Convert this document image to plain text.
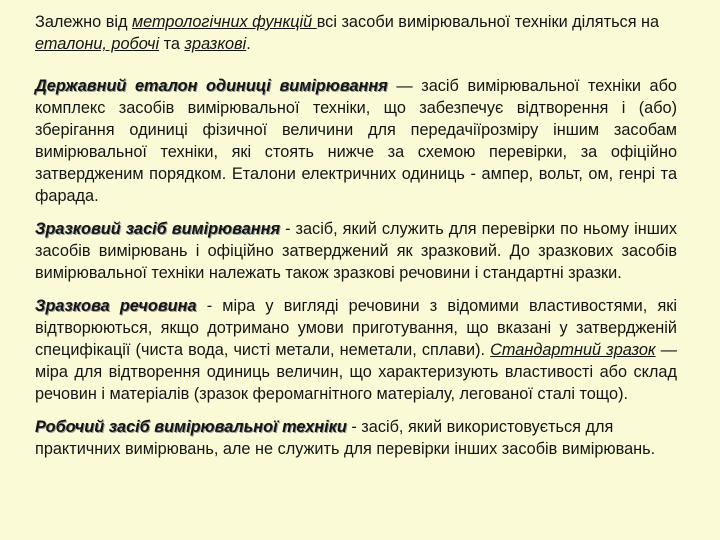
Залежно від метрологічних функцій всі засоби вимірювальної техніки діляться на еталони, робочі та зразкові.

Державний еталон одиниці вимірювання — засіб вимірювальної техніки або комплекс засобів вимірювальної техніки, що забезпечує відтворення і (або) зберігання одиниці фізичної величини для передачіїрозміру іншим засобам вимірювальної техніки, які стоять нижче за схемою перевірки, за офіційно затвердженим порядком. Еталони електричних одиниць - ампер, вольт, ом, генрі та фарада.

Зразковий засіб вимірювання - засіб, який служить для перевірки по ньому інших засобів вимірювань і офіційно затверджений як зразковий. До зразкових засобів вимірювальної техніки належать також зразкові речовини і стандартні зразки.

Зразкова речовина - міра у вигляді речовини з відомими властивостями, які відтворюються, якщо дотримано умови приготування, що вказані у затвердженій специфікації (чиста вода, чисті метали, неметали, сплави). Стандартний зразок — міра для відтворення одиниць величин, що характеризують властивості або склад речовин і матеріалів (зразок феромагнітного матеріалу, легованої сталі тощо).

Робочий засіб вимірювальної техніки - засіб, який використовується для практичних вимірювань, але не служить для перевірки інших засобів вимірювань.
